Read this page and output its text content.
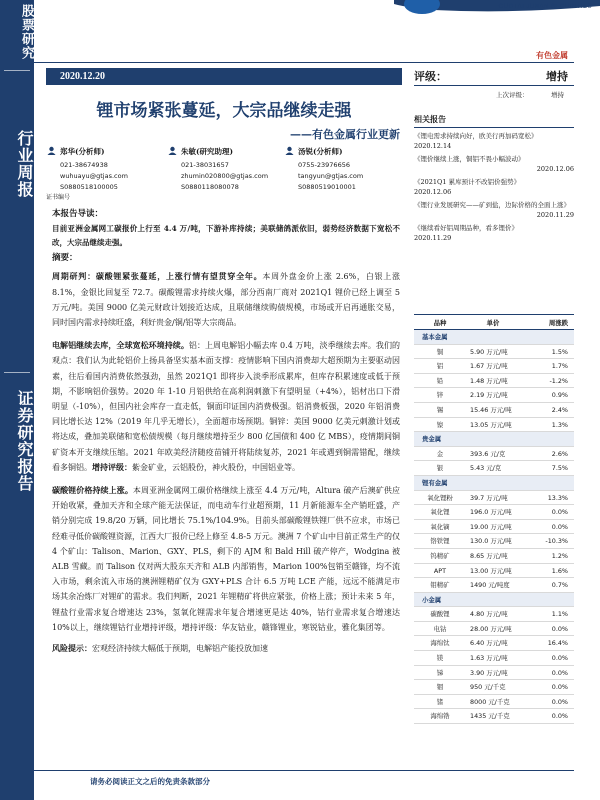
股票研究
行业周报
证券研究报告
GUOTAI JUNAN SECURITIES
有色金属
2020.12.20
锂市场紧张蔓延，大宗品继续走强
——有色金属行业更新
郑华(分析师)
021-38674938
wuhuayu@gtjas.com
S0880518100005
朱敏(研究助理)
021-38031657
zhumin020800@gtjas.com
S0880118080078
汤锐(分析师)
0755-23976656
tangyun@gtjas.com
S0880519010001
证书编号
本报告导读：
目前亚洲金属网工碳报价上行至 4.4 万/吨，下游补库持续；美联储鸽派依旧，弱势经济数据下宽松不改，大宗品继续走强。
摘要：
周期研判：碳酸锂紧张蔓延，上涨行情有望贯穿全年。本周外盘金价上涨 2.6%，白银上涨 8.1%，金银比回复至 72.7。碳酸锂需求持续火爆，部分西南厂商对 2021Q1 锂价已经上调至 5 万元/吨。美国 9000 亿美元财政计划接近达成，且联储继续购债规模，市场或开启再通胀交易，同时国内需求持续旺盛，利好贵金/铜/铝等大宗商品。
电解铝继续去库，全球宽松环境持续。铝：上周电解铝小幅去库 0.4 万吨，淡季继续去库。我们的观点：我们认为此轮铝价上扬具备坚实基本面支撑：疫情影响下国内消费却大超预期为主要驱动因素，往后看国内消费依然强劲，虽然 2021Q1 即将步入淡季形成累库，但库存积累速度或低于预期，不影响铝价强势。2020 年 1-10 月铝供给在高利润刺激下有望明显（+4%），铝材出口下滑明显（-10%），但国内社会库存一直走低，铜面印证国内消费极强。铝消费板强，2020 年铝消费同比增长达 12%（2019 年几乎无增长），全面超市场预期。铜锌：美国 9000 亿美元刺激计划或将达成，叠加美联储和宽松债规模（每月继续增持至少 800 亿国债和 400 亿 MBS），疫情期间铜矿资本开支继续压缩。2021 年欧美经济随疫苗铺开将陆续复苏，2021 年或遇到铜需错配，继续看多铜铝。增持评级：紫金矿业，云铝股份，神火股份，中国铝业等。
碳酸锂价格持续上涨。本周亚洲金属网工碳价格继续上涨至 4.4 万元/吨，Altura 破产后澳矿供应开始收紧，叠加天齐和全球产能无法保证，而电动车行业超预期，11 月新能源车全产销旺盛，产销分别完成 19.8/20 万辆，同比增长 75.1%/104.9%。目前头部碳酸锂铁锂厂供不应求，市场已经难寻低价碳酸锂资源，江西大厂报价已经上修至 4.8-5 万元。澳洲 7 个矿山中目前正常生产的仅 4 个矿山：Talison、Marion、GXY、PLS，剩下的 AJM 和 Bald Hill 破产停产，Wodgina 被 ALB 雪藏。而 Talison 仅对两大股东天齐和 ALB 内部销售，Marion 100%包销至赣锋，均不流入市场，剩余流入市场的澳洲锂精矿仅为 GXY+PLS 合计 6.5 万吨 LCE 产能，远远不能满足市场其余冶炼厂对锂矿的需求。我们判断，2021 年锂精矿将供应紧张，价格上涨；预计未来 5 年，锂盐行业需求复合增速达 23%，氢氧化锂需求年复合增速更是达 40%，钴行业需求复合增速达 10%以上，继续锂钴行业增持评级，增持评级：华友钴业，赣锋锂业，寒锐钴业，雅化集团等。
风险提示：宏观经济持续大幅低于预期，电解铝产能投放加速
评级：	增持
上次评级：	增持
相关报告
《锂电需求持续向好，欧美行再加码宽松》
2020.12.14
《锂价继续上涨，铜铝不畏小幅波动》
2020.12.06
《2021Q1 累库预计不改铝价强势》
2020.12.06
《锂行业发展研究——矿到盐，边际价格的全面上涨》
2020.11.29
《继续看好铝周期品种，看多锂价》
2020.11.29
品种	单价	周涨跌
基本金属
铜	5.90 万元/吨	1.5%
铝	1.67 万元/吨	1.7%
铅	1.48 万元/吨	-1.2%
锌	2.19 万元/吨	0.9%
锡	15.46 万元/吨	2.4%
镍	13.05 万元/吨	1.3%
贵金属
金	393.6 元/克	2.6%
银	5.43 元/克	7.5%
锂有金属
氧化锂粉	39.7 万元/吨	13.3%
氧化锂	196.0 万元/吨	0.0%
氧化镝	19.00 万元/吨	0.0%
铬铁锂	130.0 万元/吨	-10.3%
钨精矿	8.65 万元/吨	1.2%
APT	13.00 万元/吨	1.6%
钼精矿	1490 元/吨度	0.7%
小金属
碳酸锂	4.80 万元/吨	1.1%
电钴	28.00 万元/吨	0.0%
海绵钛	6.40 万元/吨	16.4%
镁	1.63 万元/吨	0.0%
锑	3.90 万元/吨	0.0%
铟	950 元/千克	0.0%
锗	8000 元/千克	0.0%
海绵锆	1435 元/千克	0.0%
请务必阅读正文之后的免责条款部分
